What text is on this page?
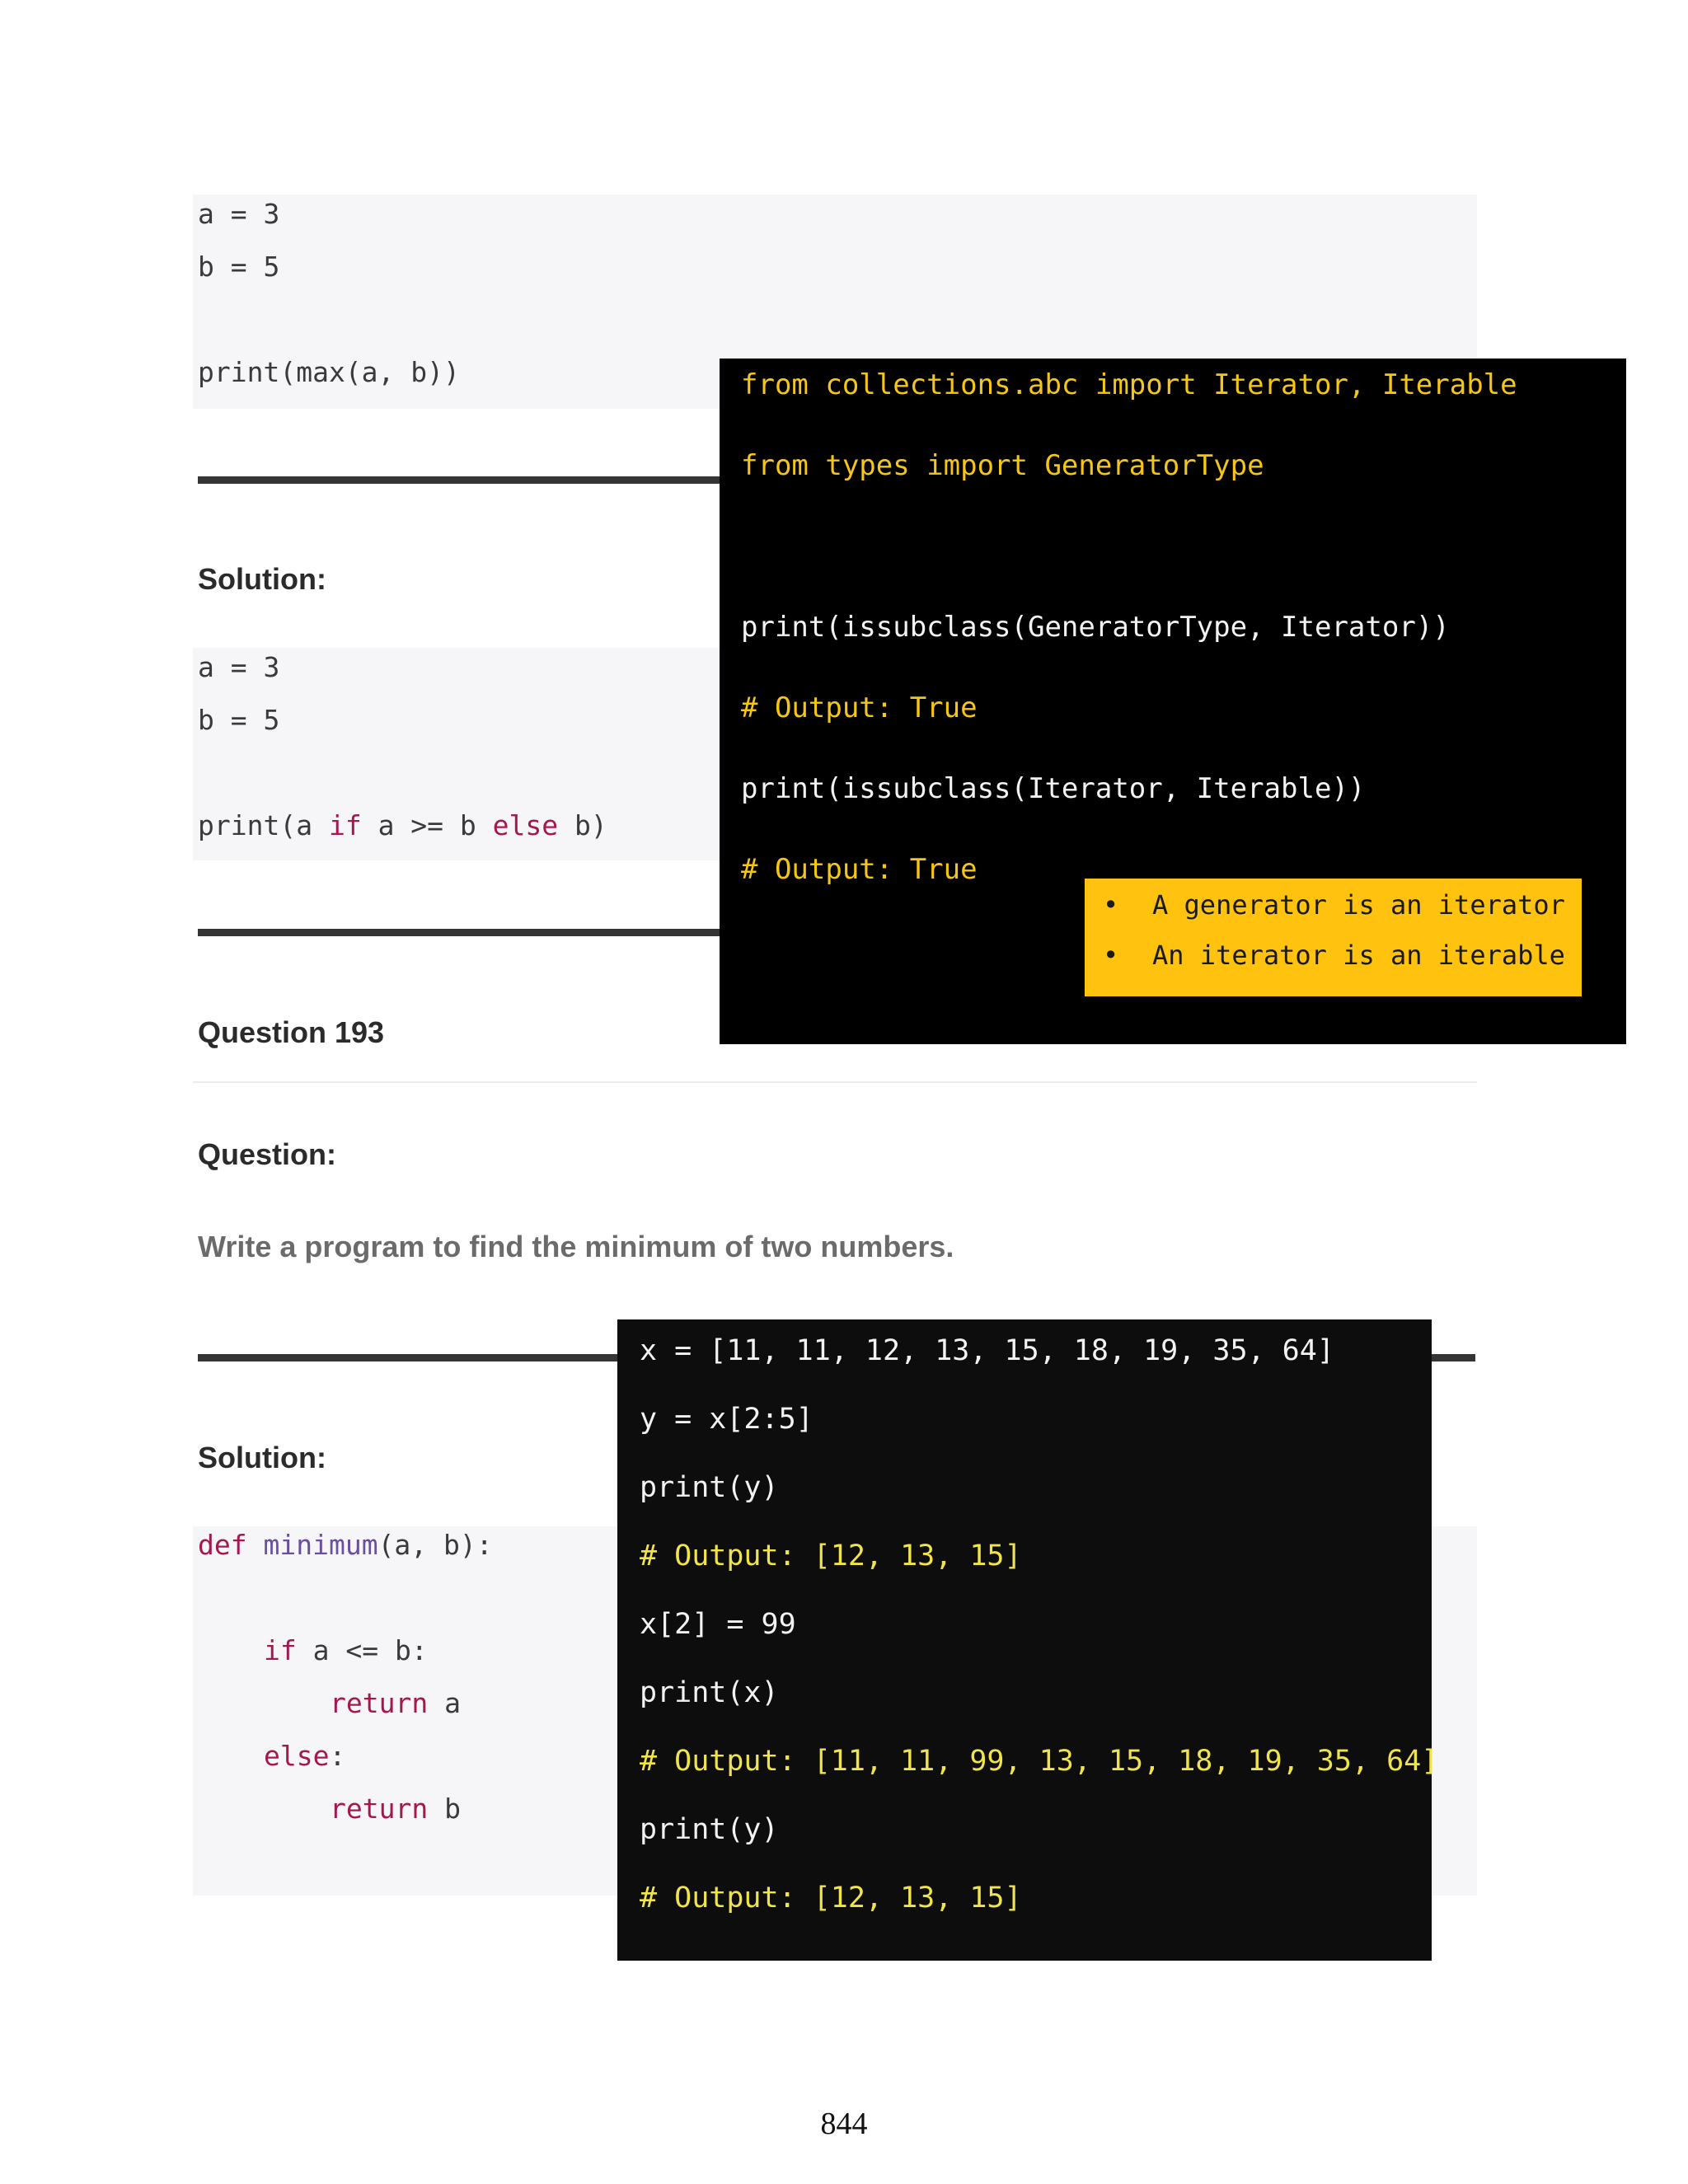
a = 3
b = 5
print(max(a, b))
Solution:
a = 3
b = 5
print(a if a >= b else b)
Question 193
Question:
Write a program to find the minimum of two numbers.
Solution:
def minimum(a, b):
if a <= b:
return a
else:
return b
from collections.abc import Iterator, Iterable
from types import GeneratorType
print(issubclass(GeneratorType, Iterator))
# Output: True
print(issubclass(Iterator, Iterable))
# Output: True
• A generator is an iterator
• An iterator is an iterable
x = [11, 11, 12, 13, 15, 18, 19, 35, 64]
y = x[2:5]
print(y)
# Output: [12, 13, 15]
x[2] = 99
print(x)
# Output: [11, 11, 99, 13, 15, 18, 19, 35, 64]
print(y)
# Output: [12, 13, 15]
844
